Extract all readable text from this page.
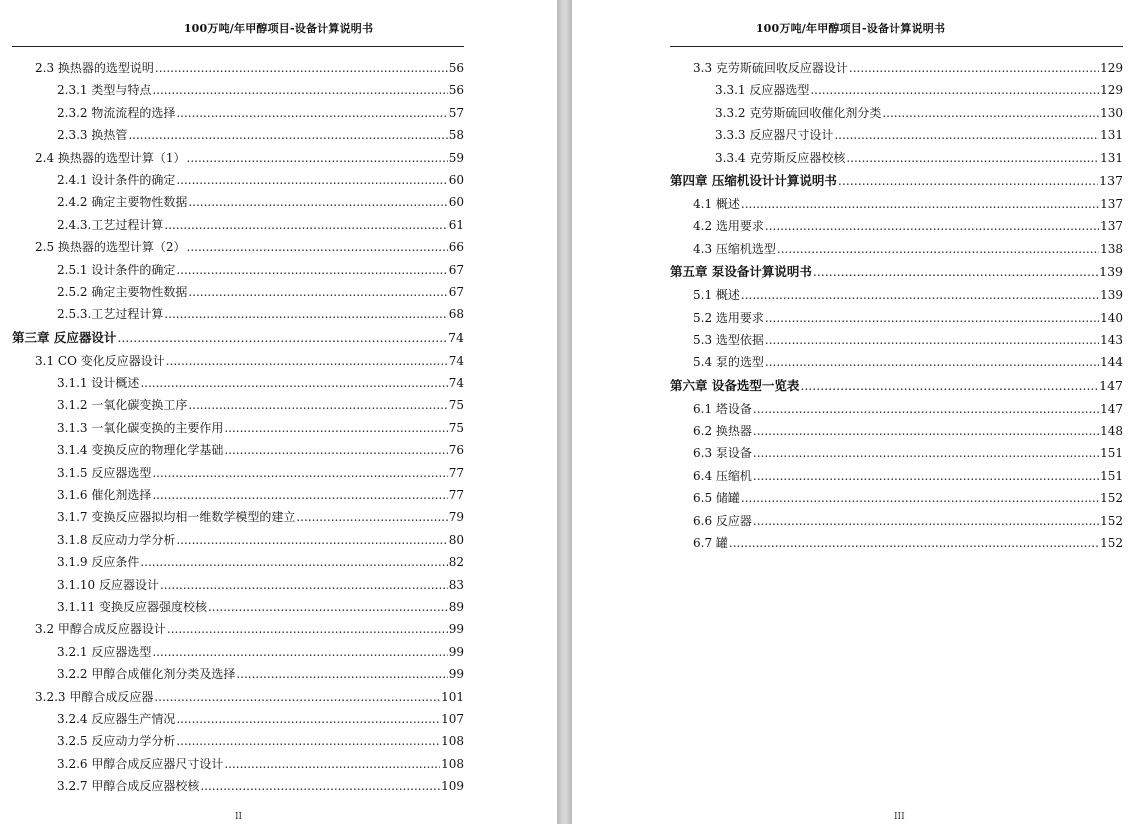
100万吨/年甲醇项目-设备计算说明书
2.3 换热器的选型说明 .....	56
2.3.1 类型与特点 .....	56
2.3.2 物流流程的选择 .....	57
2.3.3 换热管 .....	58
2.4 换热器的选型计算（1） .....	59
2.4.1 设计条件的确定 .....	60
2.4.2 确定主要物性数据 .....	60
2.4.3.工艺过程计算 .....	61
2.5 换热器的选型计算（2） .....	66
2.5.1 设计条件的确定 .....	67
2.5.2 确定主要物性数据 .....	67
2.5.3.工艺过程计算 .....	68
第三章 反应器设计 .....	74
3.1 CO 变化反应器设计 .....	74
3.1.1 设计概述 .....	74
3.1.2 一氧化碳变换工序 .....	75
3.1.3 一氧化碳变换的主要作用 .....	75
3.1.4 变换反应的物理化学基础 .....	76
3.1.5 反应器选型 .....	77
3.1.6 催化剂选择 .....	77
3.1.7 变换反应器拟均相一维数学模型的建立 .....	79
3.1.8 反应动力学分析 .....	80
3.1.9 反应条件 .....	82
3.1.10 反应器设计 .....	83
3.1.11 变换反应器强度校核 .....	89
3.2 甲醇合成反应器设计 .....	99
3.2.1 反应器选型 .....	99
3.2.2 甲醇合成催化剂分类及选择 .....	99
3.2.3 甲醇合成反应器 .....	101
3.2.4 反应器生产情况 .....	107
3.2.5 反应动力学分析 .....	108
3.2.6 甲醇合成反应器尺寸设计 .....	108
3.2.7 甲醇合成反应器校核 .....	109
II
100万吨/年甲醇项目-设备计算说明书
3.3 克劳斯硫回收反应器设计 .....	129
3.3.1 反应器选型 .....	129
3.3.2 克劳斯硫回收催化剂分类 .....	130
3.3.3 反应器尺寸设计 .....	131
3.3.4 克劳斯反应器校核 .....	131
第四章 压缩机设计计算说明书 .....	137
4.1 概述 .....	137
4.2 选用要求 .....	137
4.3 压缩机选型 .....	138
第五章 泵设备计算说明书 .....	139
5.1 概述 .....	139
5.2 选用要求 .....	140
5.3 选型依据 .....	143
5.4 泵的选型 .....	144
第六章 设备选型一览表 .....	147
6.1 塔设备 .....	147
6.2 换热器 .....	148
6.3 泵设备 .....	151
6.4 压缩机 .....	151
6.5 储罐 .....	152
6.6 反应器 .....	152
6.7 罐 .....	152
III
